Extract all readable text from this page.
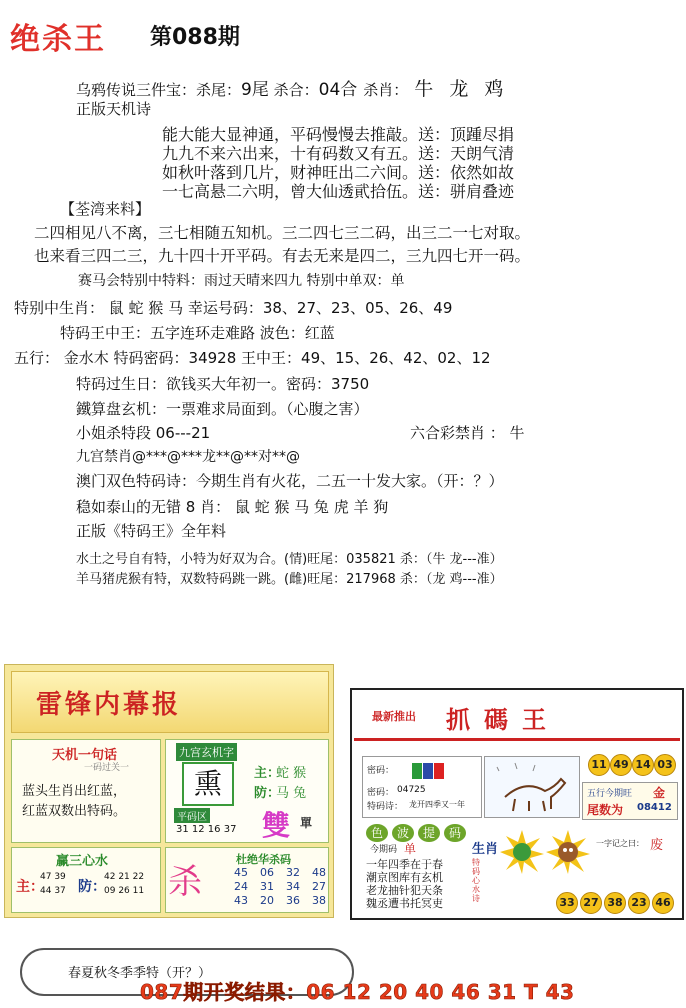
绝杀王 第088期
乌鸦传说三件宝：杀尾：9尾 杀合：04合 杀肖： 牛 龙 鸡
正版天机诗
能大能大显神通，平码慢慢去推敲。送：顶踵尽捐
九九不来六出来，十有码数又有五。送：天朗气清
如秋叶落到几片，财神旺出二六间。送：依然如故
一七高悬二六明，曾大仙透貮拾伍。送：骈肩叠迹
【荃湾来料】
二四相见八不离，三七相随五知机。三二四七三二码，出三二一七对取。
也来看三四二三，九十四十开平码。有去无来是四二，三九四七开一码。
赛马会特别中特料：雨过天晴来四九 特别中单双：单
特别中生肖： 鼠 蛇 猴 马 幸运号码：38、27、23、05、26、49
特码王中王：五字连环走难路 波色：红蓝
五行： 金水木 特码密码：34928 王中王：49、15、26、42、02、12
特码过生日：欲钱买大年初一。密码：3750
鐵算盘玄机：一票难求局面到。（心腹之害）
小姐杀特段 06---21	六合彩禁肖 ： 牛
九宫禁肖@***@***龙**@**对**@
澳门双色特码诗：今期生肖有火花，二五一十发大家。（开：？）
稳如泰山的无错 8 肖： 鼠 蛇 猴 马 兔 虎 羊 狗
正版《特码王》全年料
水土之号自有特，小特为好双为合。(情)旺尾：035821 杀：（牛 龙---准）
羊马猪虎猴有特，双数特码跳一跳。(雌)旺尾：217968 杀：（龙 鸡---准）
雷锋内幕报
天机一句话
一码过关一
蓝头生肖出红蓝，
红蓝双数出特码。
九宫玄机字
熏	主：
蛇 猴
防：
马 兔
平码区
31 12 16 37 雙 單
赢三心水
主：
47 39
44 37 防：
42 21 22
09 26 11 杀
杜绝华杀码
45 06 32 48
24 31 34 27
43 20 36 38
最新推出 抓碼王
密码：
密码： 04725
特码诗： 龙开四季又一年
11 49 14 03
五行今期旺 金
尾数为 08412
色	波	提	码
今期码 单
一年四季在于春
潮京图库有玄机
老龙抽针犯天条
魏丞遭书托冥吏
生肖
特码心水诗
一字记之曰： 废
33 27 38 23 46
春夏秋冬季季特（开？）
087期开奖结果：06 12 20 40 46 31 T 43
